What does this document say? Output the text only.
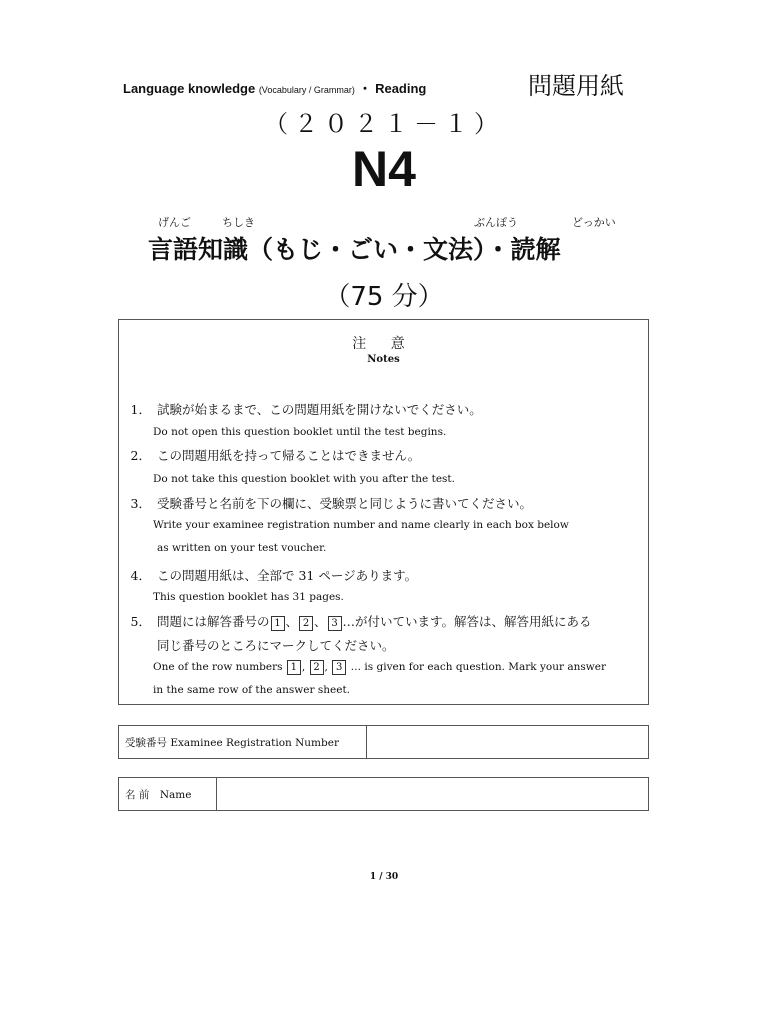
Language knowledge (Vocabulary / Grammar) ・ Reading	問題用紙
（２０２１－１）
N4
げんご	ちしき	ぶんぽう	どっかい
言語知識（もじ・ごい・文法）・読解
（75 分）
注 意
Notes
1． 試験が始まるまで、この問題用紙を開けないでください。
Do not open this question booklet until the test begins.
2． この問題用紙を持って帰ることはできません。
Do not take this question booklet with you after the test.
3． 受験番号と名前を下の欄に、受験票と同じように書いてください。
Write your examinee registration number and name clearly in each box below
as written on your test voucher.
4． この問題用紙は、全部で 31 ページあります。
This question booklet has 31 pages.
5． 問題には解答番号の 1 、 2 、 3 …が付いています。解答は、解答用紙にある
同じ番号のところにマークしてください。
One of the row numbers 1 , 2 , 3 … is given for each question. Mark your answer
in the same row of the answer sheet.
受験番号 Examinee Registration Number
名 前　Name
1 / 30
